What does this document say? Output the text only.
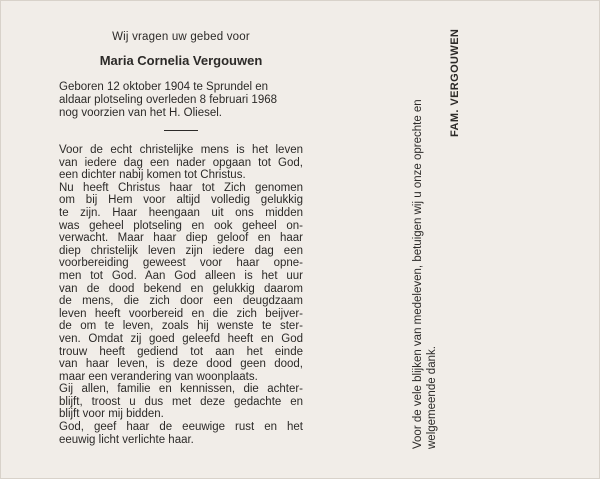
Wij vragen uw gebed voor

Maria Cornelia Vergouwen

Geboren 12 oktober 1904 te Sprundel en
aldaar plotseling overleden 8 februari 1968
nog voorzien van het H. Oliesel.

Voor de echt christelijke mens is het leven
van iedere dag een nader opgaan tot God,
een dichter nabij komen tot Christus.
Nu heeft Christus haar tot Zich genomen
om bij Hem voor altijd volledig gelukkig
te zijn. Haar heengaan uit ons midden
was geheel plotseling en ook geheel on-
verwacht. Maar haar diep geloof en haar
diep christelijk leven zijn iedere dag een
voorbereiding geweest voor haar opne-
men tot God. Aan God alleen is het uur
van de dood bekend en gelukkig daarom
de mens, die zich door een deugdzaam
leven heeft voorbereid en die zich beijver-
de om te leven, zoals hij wenste te ster-
ven. Omdat zij goed geleefd heeft en God
trouw heeft gediend tot aan het einde
van haar leven, is deze dood geen dood,
maar een verandering van woonplaats.
Gij allen, familie en kennissen, die achter-
blijft, troost u dus met deze gedachte en
blijft voor mij bidden.
God, geef haar de eeuwige rust en het
eeuwig licht verlichte haar.	Voor de vele blijken van medeleven, betuigen wij u onze oprechte en welgemeende dank.
FAM. VERGOUWEN
